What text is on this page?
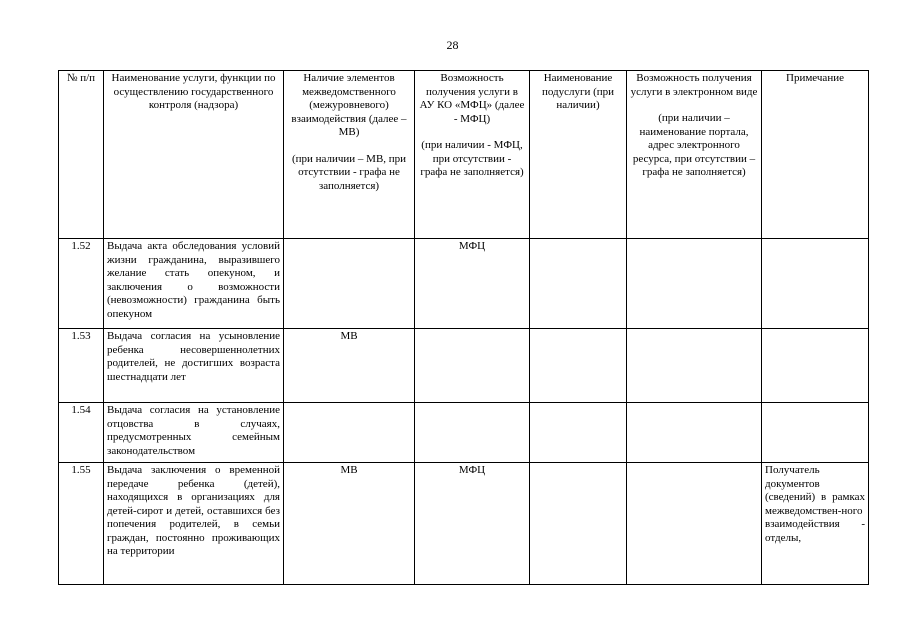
28
№ п/п	Наименование услуги, функции по осуществлению государственного контроля (надзора)	Наличие элементов межведомственного (межуровневого) взаимодействия (далее – МВ)
(при наличии – МВ, при отсутствии - графа не заполняется)	Возможность получения услуги в АУ КО «МФЦ» (далее - МФЦ)
(при наличии - МФЦ, при отсутствии - графа не заполняется)	Наименование подуслуги (при наличии)	Возможность получения услуги в электронном виде
(при наличии – наименование портала, адрес электронного ресурса, при отсутствии – графа не заполняется)	Примечание

1.52	Выдача акта обследования условий жизни гражданина, выразившего желание стать опекуном, и заключения о возможности (невозможности) гражданина быть опекуном		МФЦ			
1.53	Выдача согласия на усыновление ребенка несовершеннолетних родителей, не достигших возраста шестнадцати лет	МВ				
1.54	Выдача согласия на установление отцовства в случаях, предусмотренных семейным законодательством					
1.55	Выдача заключения о временной передаче ребенка (детей), находящихся в организациях для детей-сирот и детей, оставшихся без попечения родителей, в семьи граждан, постоянно проживающих на территории	МВ	МФЦ			Получатель документов (сведений) в рамках межведомствен-ного взаимодействия - отделы,
